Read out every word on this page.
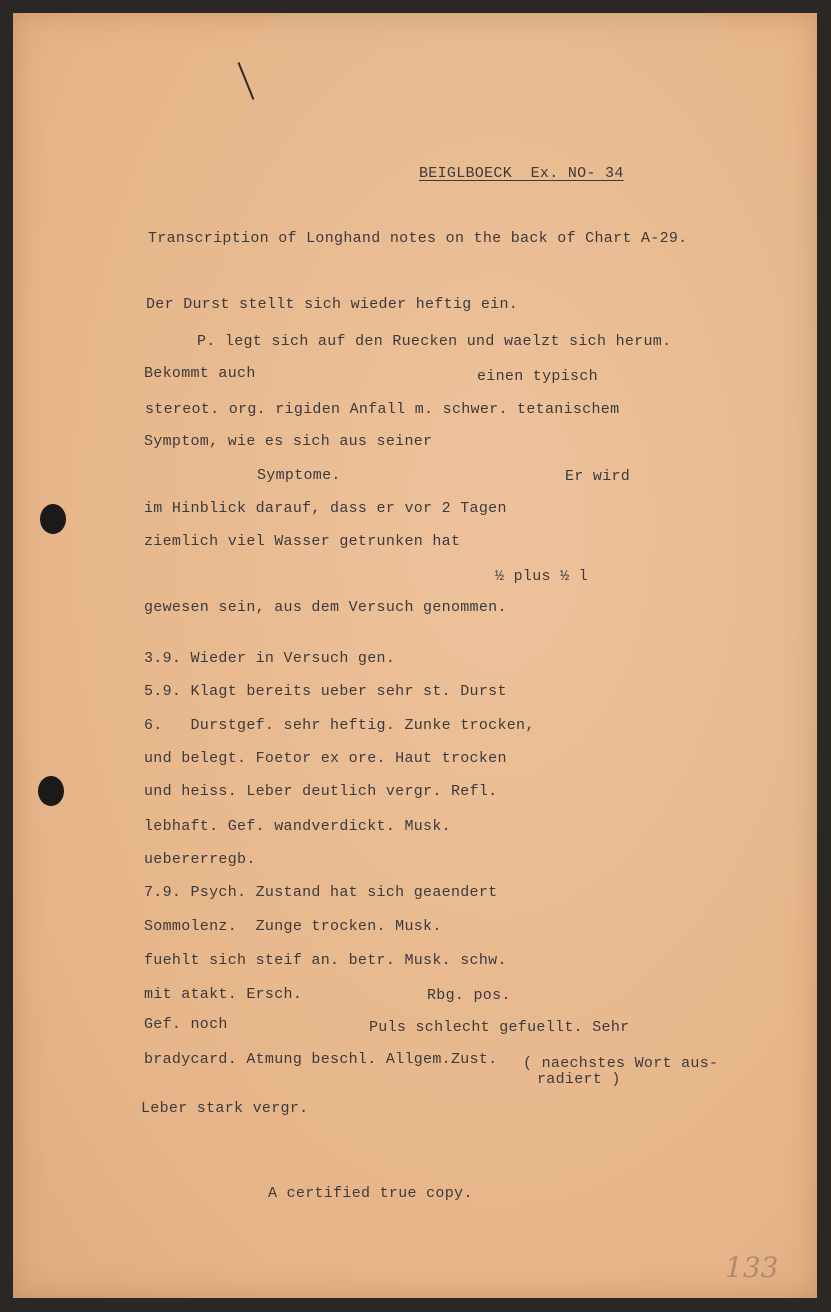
BEIGLBOECK  Ex. NO- 34
Transcription of Longhand notes on the back of Chart A-29.
Der Durst stellt sich wieder heftig ein.
P. legt sich auf den Ruecken und waelzt sich herum.
Bekommt auch	einen typisch
stereot. org. rigiden Anfall m. schwer. tetanischem
Symptom, wie es sich aus seiner
Symptome.	Er wird
im Hinblick darauf, dass er vor 2 Tagen
ziemlich viel Wasser getrunken hat
½ plus ½ l
gewesen sein, aus dem Versuch genommen.
3.9. Wieder in Versuch gen.
5.9. Klagt bereits ueber sehr st. Durst
6.   Durstgef. sehr heftig. Zunke trocken,
und belegt. Foetor ex ore. Haut trocken
und heiss. Leber deutlich vergr. Refl.
lebhaft. Gef. wandverdickt. Musk.
uebererregb.
7.9. Psych. Zustand hat sich geaendert
Sommolenz.  Zunge trocken. Musk.
fuehlt sich steif an. betr. Musk. schw.
mit atakt. Ersch.	Rbg. pos.
Gef. noch	Puls schlecht gefuellt. Sehr
bradycard. Atmung beschl. Allgem.Zust. ( naechstes Wort aus-
radiert )
Leber stark vergr.
A certified true copy.
133
